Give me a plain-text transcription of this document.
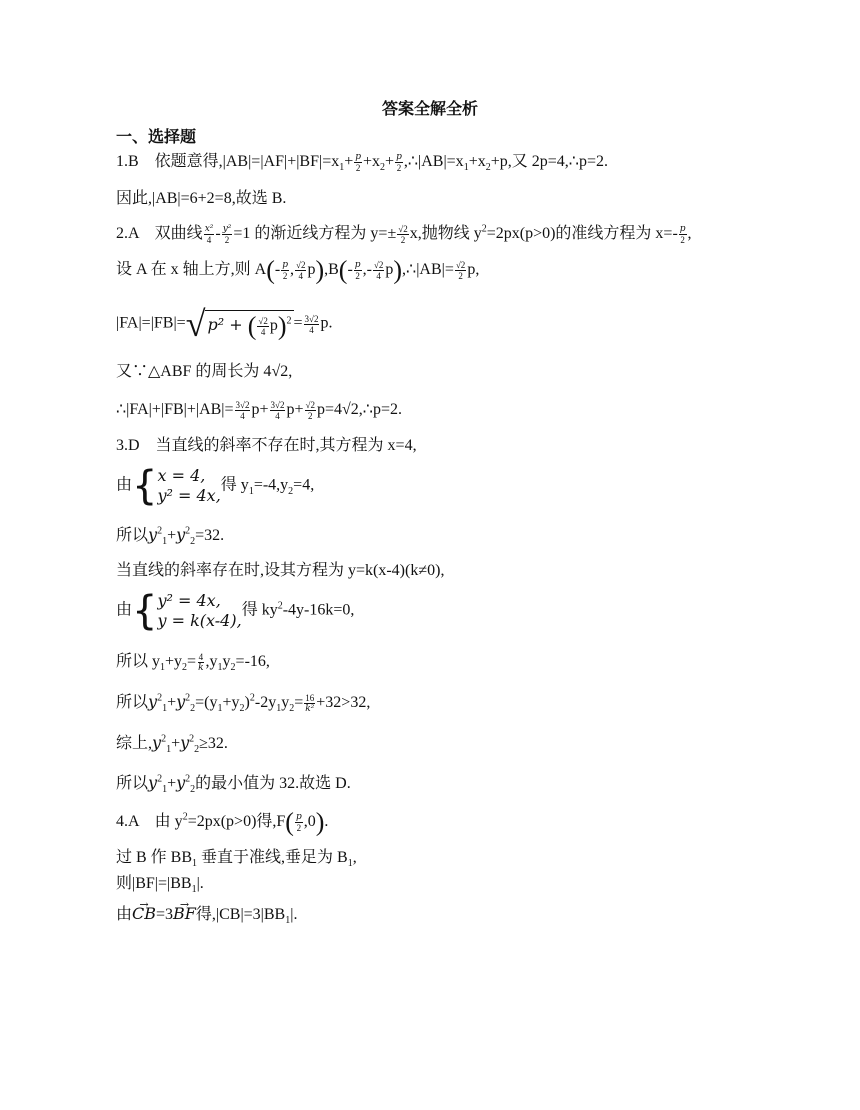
答案全解全析
一、选择题
1.B    依题意得$,|AB|=|AF|+|BF|=x_1+ \frac{p}{2} +x_2+ \frac{p}{2}$ $,\therefore|AB|=x_1+x_2+p$,又 2p=4,∴p=2.
因此,|AB|=6+2=8,故选 B.
2.A    双曲线 $\frac{\text{x²}}{4} - \frac{\text{y²}}{2} =1$ 的渐近线方程为 $y=\pm \frac{√2}{2} x$,抛物线 $y^2=2px(p>0)$的准线方程为 $x=- \frac{p}{2}$ ,
设 A 在 x 轴上方,则 $A(- \frac{p}{2}$ , $\frac{√2}{4} p),B(- \frac{p}{2}$ ,- $\frac{√2}{4}$ p),∴|AB|= $\frac{√2}{2} p$,
|FA|=|FB|=√ p² + ( $\frac{√2}{4} p)^2 = \frac{3√2}{4} p$.
又∵△ABF 的周长为 4√2,
∴|FA|+|FB|+|AB|= $\frac{3√2}{4} p+ \frac{3√2}{4} p+ \frac{√2}{2}$ p=4√2,∴p=2.
3.D    当直线的斜率不存在时,其方程为 x=4,
由{ x = 4,
y² = 4x,
得 $y_1=-4,y_2=4$,
所以$y^2_1+y^2_2=32$.
当直线的斜率存在时,设其方程为 y=k(x-4)(k≠0),
由{ y² = 4x,
y = k(x-4),
得 $ky^2-4y-16k=0$,
所以 $y_1+y_2= \frac{4}{k} ,y_1y_2=-16$,
所以$y^2_1+y^2_2=(y_1+y_2)^2-2y_1y_2= \frac{16}{\text{k²}} +32>32$,
综上$,y^2_1+y^2_2\ge 32$.
所以$y^2_1+y^2_2$的最小值为 32.故选 D.
4.A    由 $y^2=2px(p>0)$得$,F( \frac{p}{2} ,0)$.
过 B 作 $BB_1$ 垂直于准线,垂足为 $B_1$,
则$|BF|=|BB_1|$.
由→ CB=3→ BF得$,|CB|=3|BB_1|$.
